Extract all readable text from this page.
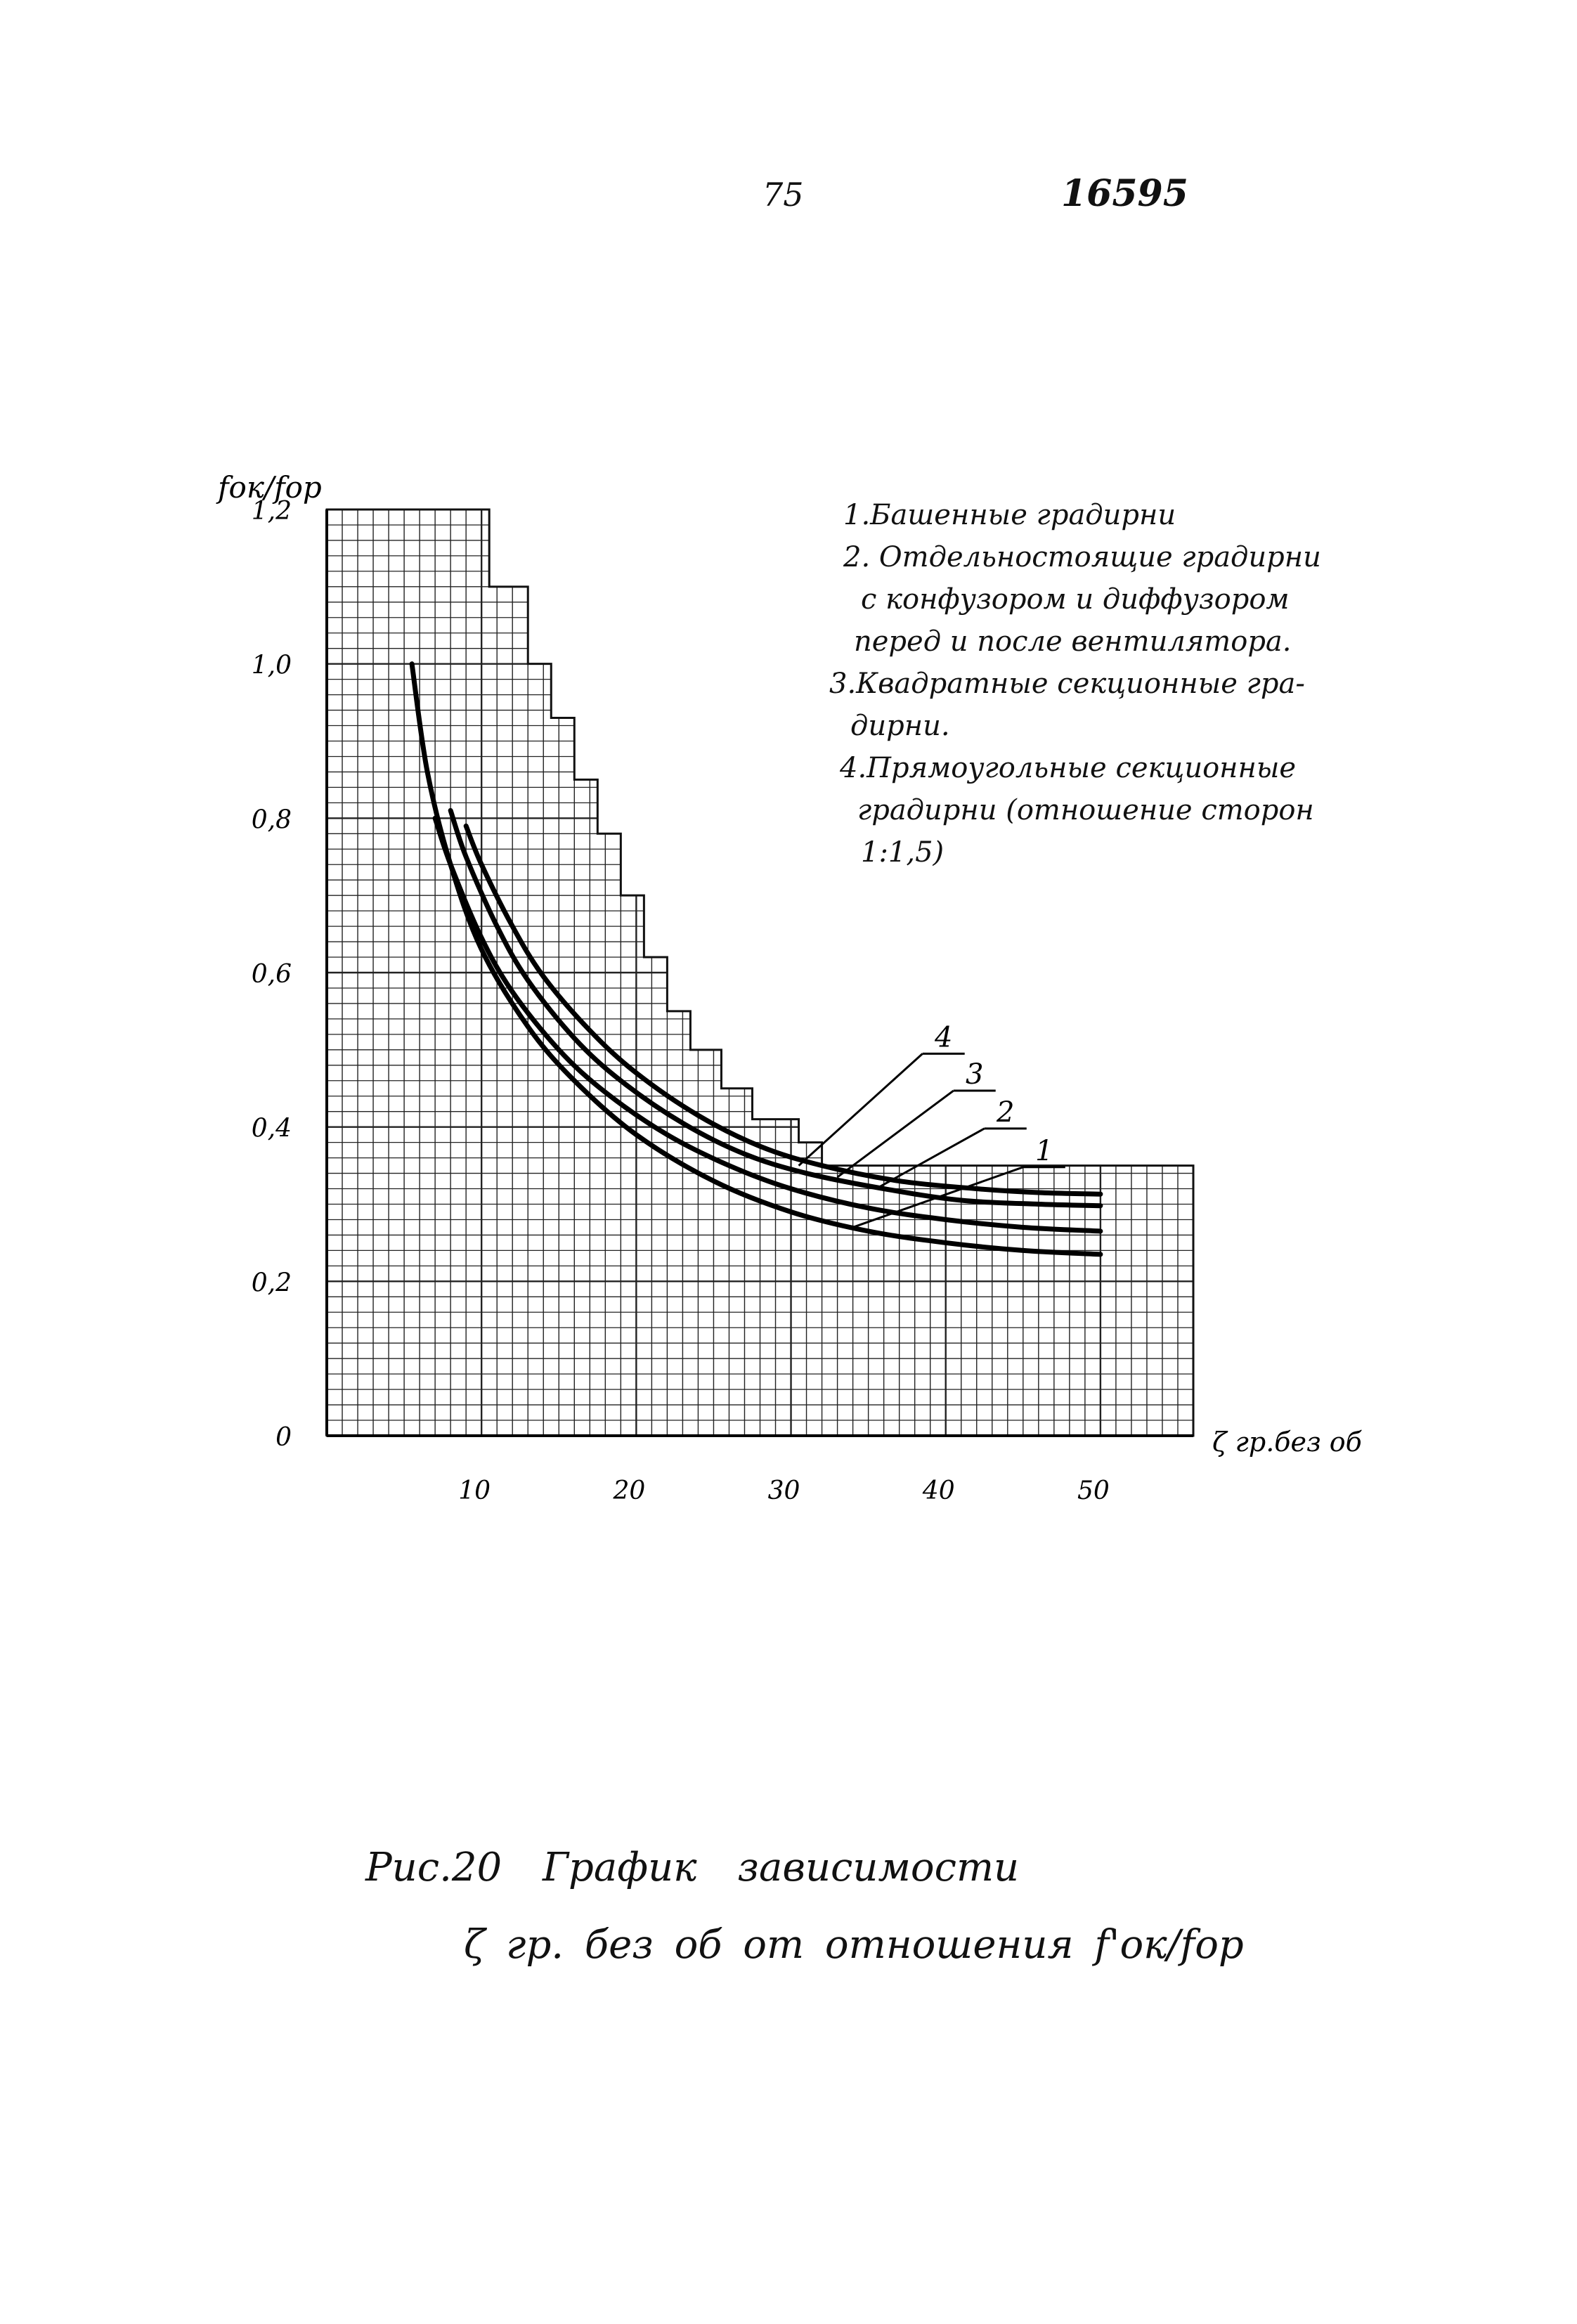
75	16595
4
3
2
1
0
0,2
0,4
0,6
0,8
1,0
1,2
10	20	30	40	50
fок/fор
ζ гр.без об
1.Башенные градирни
2. Отдельностоящие градирни
с конфузором и диффузором
перед и после вентилятора.
3.Квадратные секционные гра-
дирни.
4.Прямоугольные секционные
градирни (отношение сторон
1:1,5)
Рис.20 График зависимости
ζ гр. без об от отношения f'ок/fор
